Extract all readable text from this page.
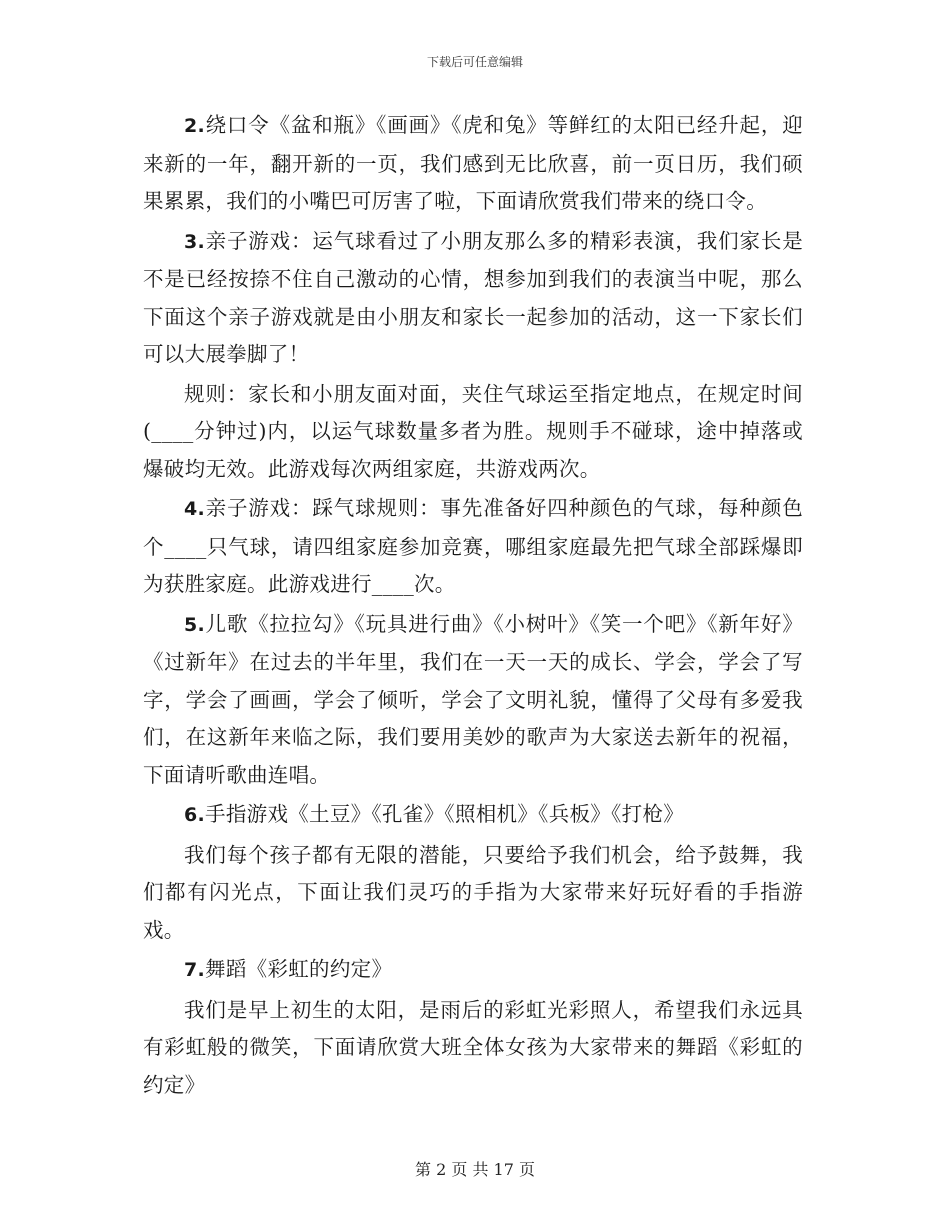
下载后可任意编辑

2.绕口令《盆和瓶》《画画》《虎和兔》等鲜红的太阳已经升起，迎来新的一年，翻开新的一页，我们感到无比欣喜，前一页日历，我们硕果累累，我们的小嘴巴可厉害了啦，下面请欣赏我们带来的绕口令。

3.亲子游戏：运气球看过了小朋友那么多的精彩表演，我们家长是不是已经按捺不住自己激动的心情，想参加到我们的表演当中呢，那么下面这个亲子游戏就是由小朋友和家长一起参加的活动，这一下家长们可以大展拳脚了！

规则：家长和小朋友面对面，夹住气球运至指定地点，在规定时间(____分钟过)内，以运气球数量多者为胜。规则手不碰球，途中掉落或爆破均无效。此游戏每次两组家庭，共游戏两次。

4.亲子游戏：踩气球规则：事先准备好四种颜色的气球，每种颜色个____只气球，请四组家庭参加竞赛，哪组家庭最先把气球全部踩爆即为获胜家庭。此游戏进行____次。

5.儿歌《拉拉勾》《玩具进行曲》《小树叶》《笑一个吧》《新年好》《过新年》在过去的半年里，我们在一天一天的成长、学会，学会了写字，学会了画画，学会了倾听，学会了文明礼貌，懂得了父母有多爱我们，在这新年来临之际，我们要用美妙的歌声为大家送去新年的祝福，下面请听歌曲连唱。

6.手指游戏《土豆》《孔雀》《照相机》《兵板》《打枪》

我们每个孩子都有无限的潜能，只要给予我们机会，给予鼓舞，我们都有闪光点，下面让我们灵巧的手指为大家带来好玩好看的手指游戏。

7.舞蹈《彩虹的约定》

我们是早上初生的太阳，是雨后的彩虹光彩照人，希望我们永远具有彩虹般的微笑，下面请欣赏大班全体女孩为大家带来的舞蹈《彩虹的约定》

第 2 页 共 17 页
